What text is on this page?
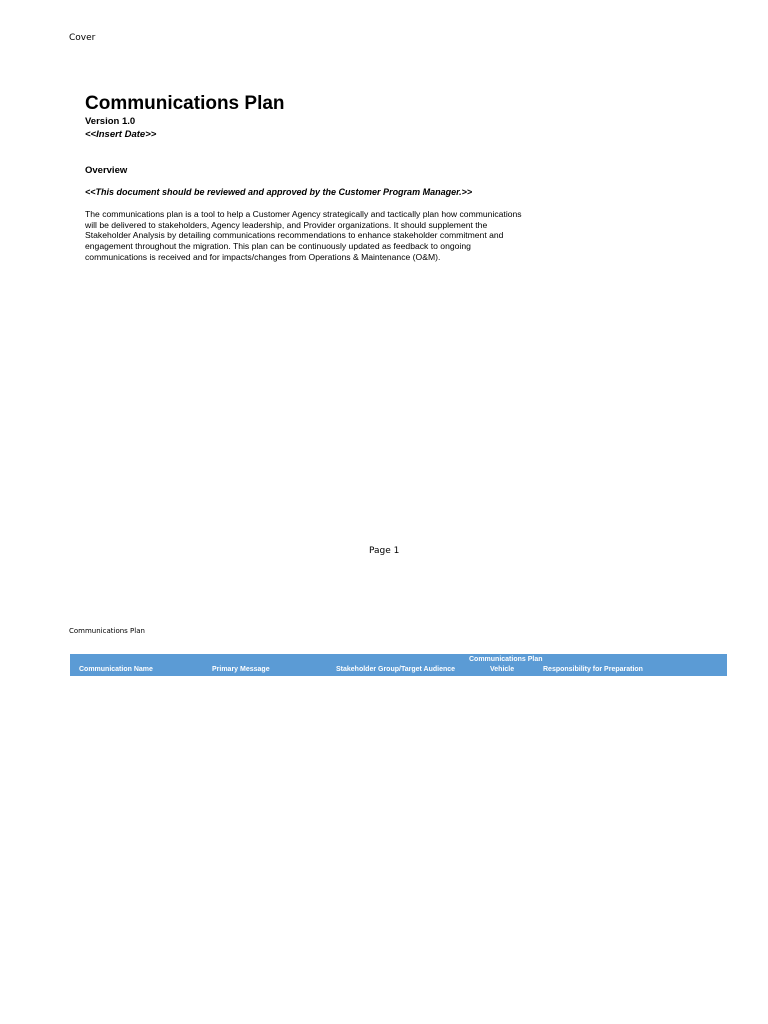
Cover
Communications Plan
Version 1.0
<<Insert Date>>
Overview
<<This document should be reviewed and approved by the Customer Program Manager.>>
The communications plan is a tool to help a Customer Agency strategically and tactically plan how communications
will be delivered to stakeholders, Agency leadership, and Provider organizations. It should supplement the
Stakeholder Analysis by detailing communications recommendations to enhance stakeholder commitment and
engagement throughout the migration. This plan can be continuously updated as feedback to ongoing
communications is received and for impacts/changes from Operations & Maintenance (O&M).
Page 1
Communications Plan
Communications Plan
Communication Name	Primary Message	Stakeholder Group/Target Audience	Vehicle	Responsibility for Preparation
